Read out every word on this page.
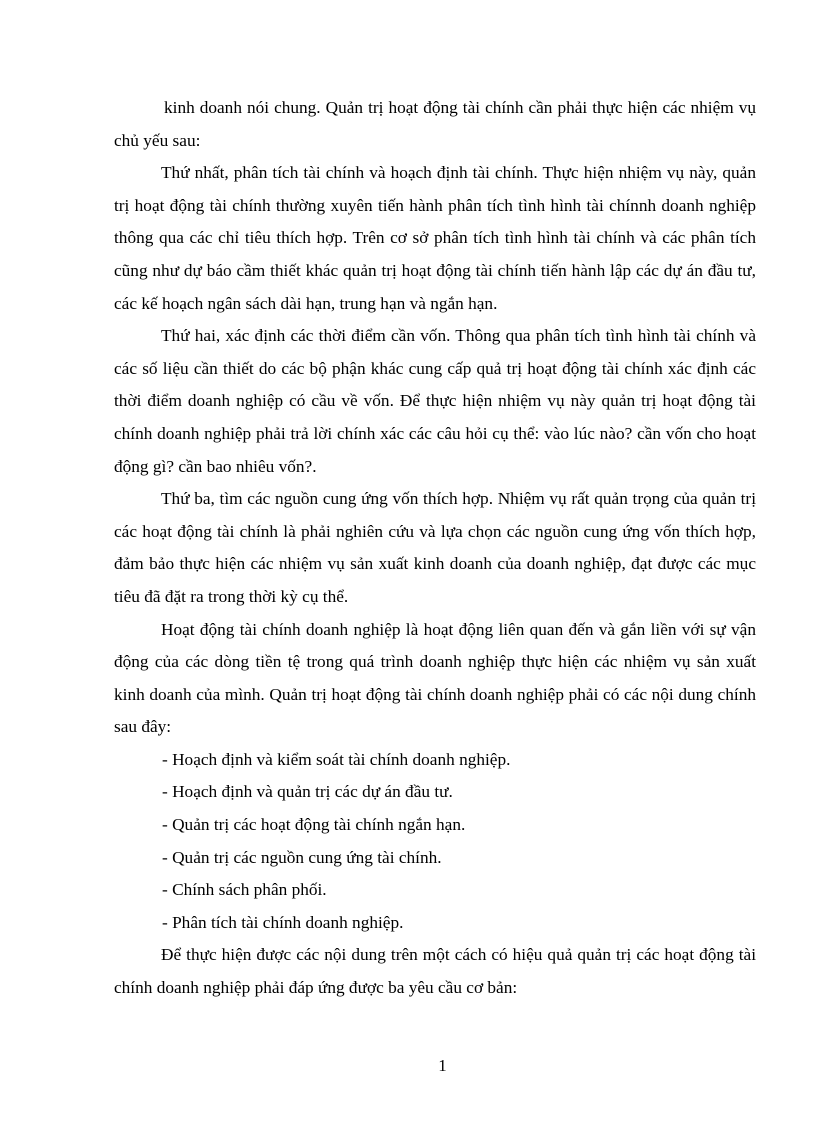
kinh doanh nói chung. Quản trị hoạt động tài chính cần phải thực hiện các nhiệm vụ chủ yếu sau:

Thứ nhất, phân tích tài chính và hoạch định tài chính. Thực hiện nhiệm vụ này, quản trị hoạt động tài chính thường xuyên tiến hành phân tích tình hình tài chínnh doanh nghiệp thông qua các chỉ tiêu thích hợp. Trên cơ sở phân tích tình hình tài chính và các phân tích cũng như dự báo cầm thiết khác quản trị hoạt động tài chính tiến hành lập các dự án đầu tư, các kế hoạch ngân sách dài hạn, trung hạn và ngắn hạn.

Thứ hai, xác định các thời điểm cần vốn. Thông qua phân tích tình hình tài chính và các số liệu cần thiết do các bộ phận khác cung cấp quả trị hoạt động tài chính xác định các thời điểm doanh nghiệp có cầu về vốn. Để thực hiện nhiệm vụ này quản trị hoạt động tài chính doanh nghiệp phải trả lời chính xác các câu hỏi cụ thể: vào lúc nào? cần vốn cho hoạt động gì? cần bao nhiêu vốn?.

Thứ ba, tìm các nguồn cung ứng vốn thích hợp. Nhiệm vụ rất quản trọng của quản trị các hoạt động tài chính là phải nghiên cứu và lựa chọn các nguồn cung ứng vốn thích hợp, đảm bảo thực hiện các nhiệm vụ sản xuất kinh doanh của doanh nghiệp, đạt được các mục tiêu đã đặt ra trong thời kỳ cụ thể.

Hoạt động tài chính doanh nghiệp là hoạt động liên quan đến và gắn liền với sự vận động của các dòng tiền tệ trong quá trình doanh nghiệp thực hiện các nhiệm vụ sản xuất kinh doanh của mình. Quản trị hoạt động tài chính doanh nghiệp phải có các nội dung chính sau đây:

- Hoạch định và kiểm soát tài chính doanh nghiệp.

- Hoạch định và quản trị các dự án đầu tư.

- Quản trị các hoạt động tài chính ngắn hạn.

- Quản trị các nguồn cung ứng tài chính.

- Chính sách phân phối.

- Phân tích tài chính doanh nghiệp.

Để thực hiện được các nội dung trên một cách có hiệu quả quản trị các hoạt động tài chính doanh nghiệp phải đáp ứng được ba yêu cầu cơ bản:

1
